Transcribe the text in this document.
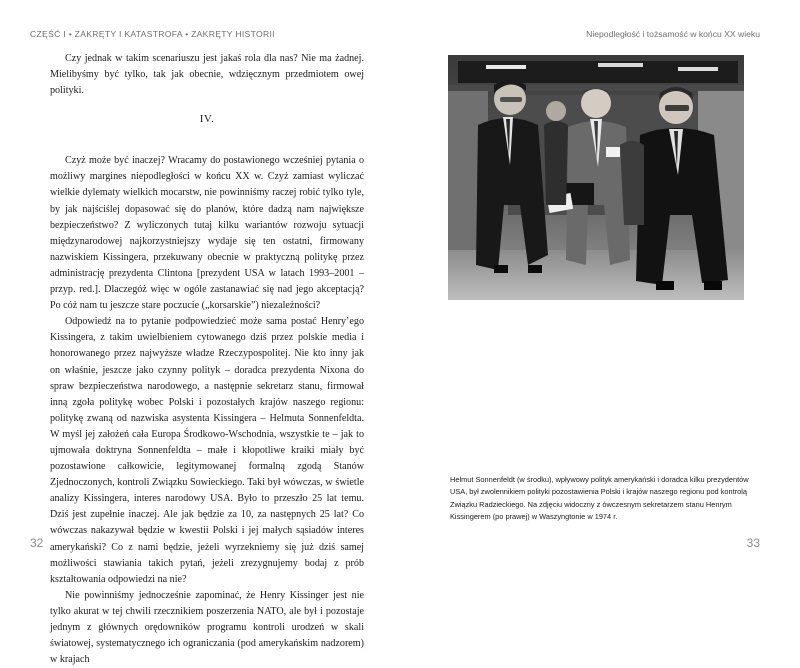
CZĘŚĆ I • ZAKRĘTY I KATASTROFA • ZAKRĘTY HISTORII

Czy jednak w takim scenariuszu jest jakaś rola dla nas? Nie ma żadnej. Mielibyśmy być tylko, tak jak obecnie, wdzięcznym przedmiotem owej polityki.

IV.

Czyż może być inaczej? Wracamy do postawionego wcześniej pytania o możliwy margines niepodległości w końcu XX w. Czyż zamiast wyliczać wielkie dylematy wielkich mocarstw, nie powinniśmy raczej robić tylko tyle, by jak najściślej dopasować się do planów, które dadzą nam największe bezpieczeństwo? Z wyliczonych tutaj kilku wariantów rozwoju sytuacji międzynarodowej najkorzystniejszy wydaje się ten ostatni, firmowany nazwiskiem Kissingera, przekuwany obecnie w praktyczną politykę przez administrację prezydenta Clintona [prezydent USA w latach 1993–2001 – przyp. red.]. Dlaczegóż więc w ogóle zastanawiać się nad jego akceptacją? Po cóż nam tu jeszcze stare poczucie („korsarskie”) niezależności?

Odpowiedź na to pytanie podpowiedzieć może sama postać Henry’ego Kissingera, z takim uwielbieniem cytowanego dziś przez polskie media i honorowanego przez najwyższe władze Rzeczypospolitej. Nie kto inny jak on właśnie, jeszcze jako czynny polityk – doradca prezydenta Nixona do spraw bezpieczeństwa narodowego, a następnie sekretarz stanu, firmował inną zgoła politykę wobec Polski i pozostałych krajów naszego regionu: politykę zwaną od nazwiska asystenta Kissingera – Helmuta Sonnenfeldta. W myśl jej założeń cała Europa Środkowo-Wschodnia, wszystkie te – jak to ujmowała doktryna Sonnenfeldta – małe i kłopotliwe kraiki miały być pozostawione całkowicie, legitymowanej formalną zgodą Stanów Zjednoczonych, kontroli Związku Sowieckiego. Taki był wówczas, w świetle analizy Kissingera, interes narodowy USA. Było to przeszło 25 lat temu. Dziś jest zupełnie inaczej. Ale jak będzie za 10, za następnych 25 lat? Co wówczas nakazywał będzie w kwestii Polski i jej małych sąsiadów interes amerykański? Co z nami będzie, jeżeli wyrzekniemy się już dziś samej możliwości stawiania takich pytań, jeżeli zrezygnujemy bodaj z prób kształtowania odpowiedzi na nie?

Nie powinniśmy jednocześnie zapominać, że Henry Kissinger jest nie tylko akurat w tej chwili rzecznikiem poszerzenia NATO, ale był i pozostaje jednym z głównych orędowników programu kontroli urodzeń w skali światowej, systematycznego ich ograniczania (pod amerykańskim nadzorem) w krajach

32
Niepodległość i tożsamość w końcu XX wieku
Helmut Sonnenfeldt (w środku), wpływowy polityk amerykański i doradca kilku prezydentów USA, był zwolennikiem polityki pozostawienia Polski i krajów naszego regionu pod kontrolą Związku Radzieckiego. Na zdjęciu widoczny z ówczesnym sekretarzem stanu Henrym Kissingerem (po prawej) w Waszyngtonie w 1974 r.
33
